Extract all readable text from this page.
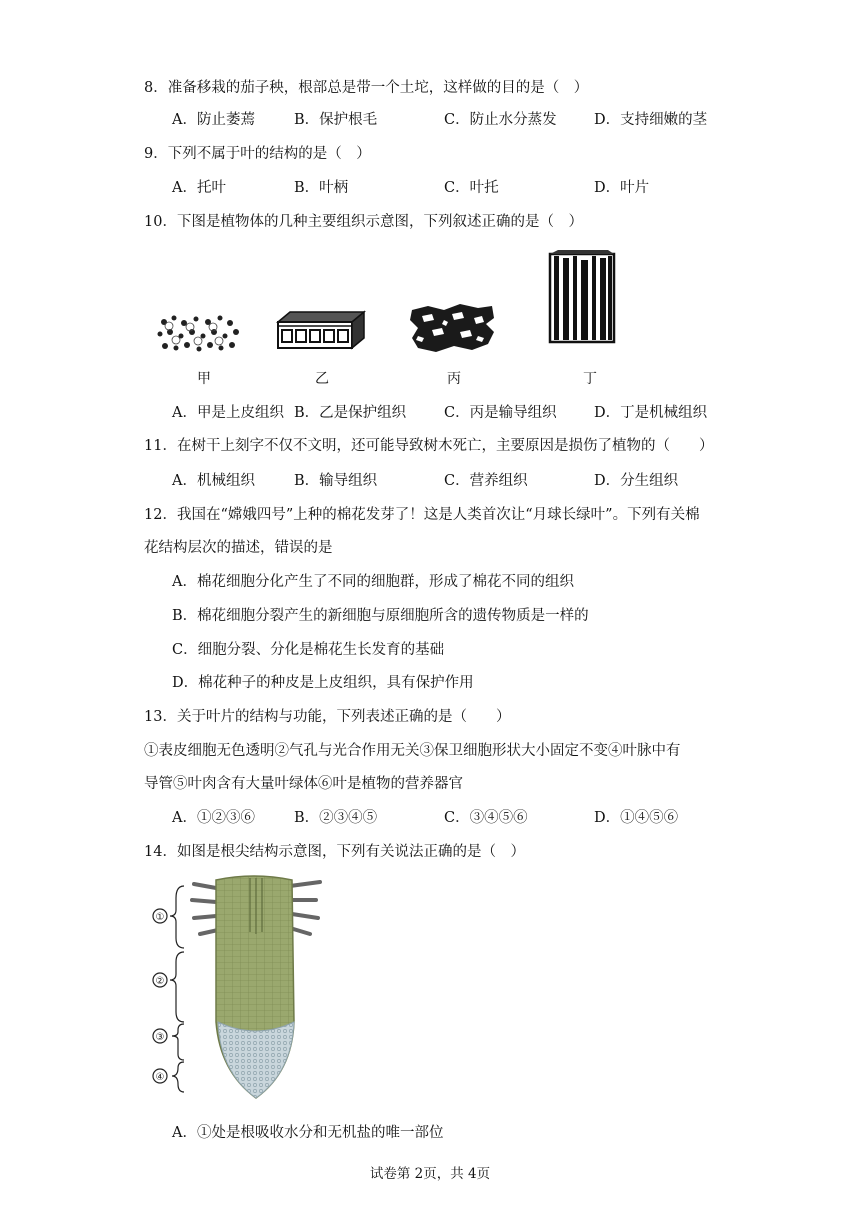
8．准备移栽的茄子秧，根部总是带一个土坨，这样做的目的是（　）
A．防止萎蔫	B．保护根毛	C．防止水分蒸发	D．支持细嫩的茎
9．下列不属于叶的结构的是（　）
A．托叶	B．叶柄	C．叶托	D．叶片
10．下图是植物体的几种主要组织示意图，下列叙述正确的是（　）
甲	乙	丙	丁
A．甲是上皮组织 B．乙是保护组织	C．丙是输导组织	D．丁是机械组织
11．在树干上刻字不仅不文明，还可能导致树木死亡，主要原因是损伤了植物的（　　）
A．机械组织	B．输导组织	C．营养组织	D．分生组织
12．我国在“嫦娥四号”上种的棉花发芽了！这是人类首次让“月球长绿叶”。下列有关棉
花结构层次的描述，错误的是
A．棉花细胞分化产生了不同的细胞群，形成了棉花不同的组织
B．棉花细胞分裂产生的新细胞与原细胞所含的遗传物质是一样的
C．细胞分裂、分化是棉花生长发育的基础
D．棉花种子的种皮是上皮组织，具有保护作用
13．关于叶片的结构与功能，下列表述正确的是（　　）
①表皮细胞无色透明②气孔与光合作用无关③保卫细胞形状大小固定不变④叶脉中有
导管⑤叶肉含有大量叶绿体⑥叶是植物的营养器官
A．①②③⑥	B．②③④⑤	C．③④⑤⑥	D．①④⑤⑥
14．如图是根尖结构示意图，下列有关说法正确的是（　）
①
②
③
④
A．①处是根吸收水分和无机盐的唯一部位
试卷第 2页，共 4页
